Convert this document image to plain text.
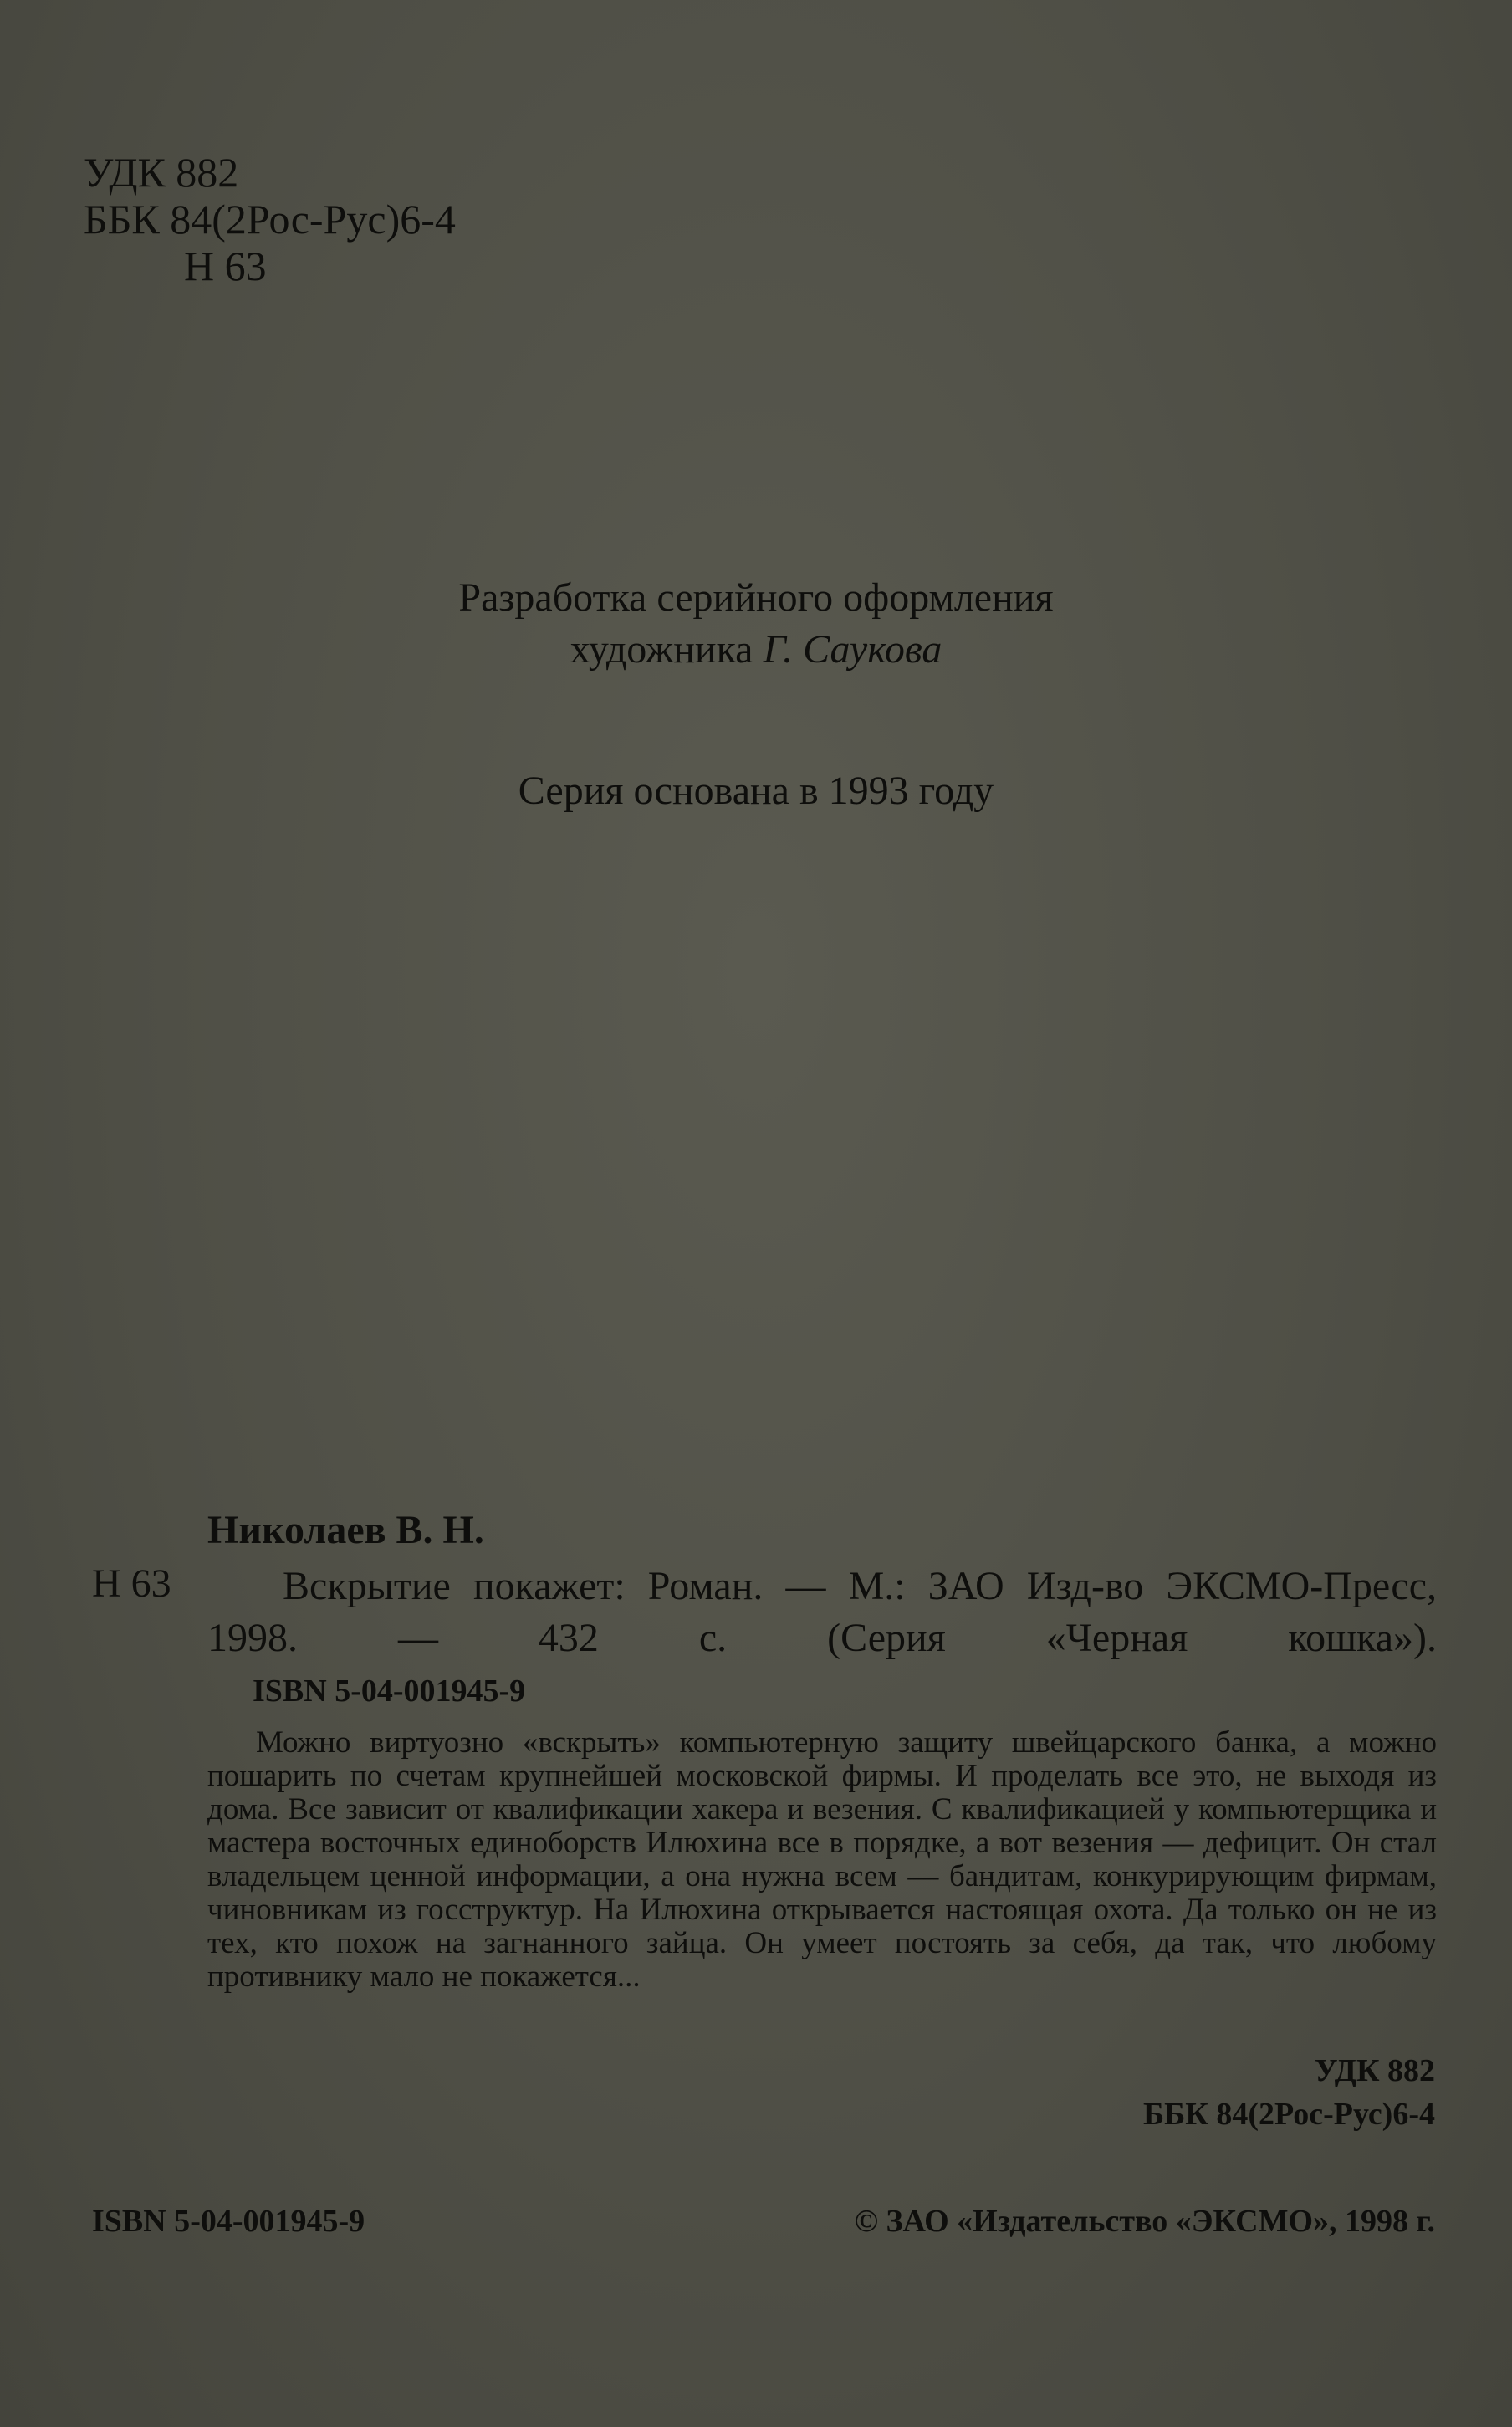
УДК 882
ББК 84(2Рос-Рус)6-4
Н 63
Разработка серийного оформления
художника Г. Саукова
Серия основана в 1993 году
Николаев В. Н.
Н 63	Вскрытие покажет: Роман. — М.: ЗАО Изд-во ЭКСМО-Пресс, 1998. — 432 с. (Серия «Черная кошка»).
ISBN 5-04-001945-9
Можно виртуозно «вскрыть» компьютерную защиту швейцарского банка, а можно пошарить по счетам крупнейшей московской фирмы. И проделать все это, не выходя из дома. Все зависит от квалификации хакера и везения. С квалификацией у компьютерщика и мастера восточных единоборств Илюхина все в порядке, а вот везения — дефицит. Он стал владельцем ценной информации, а она нужна всем — бандитам, конкурирующим фирмам, чиновникам из госструктур. На Илюхина открывается настоящая охота. Да только он не из тех, кто похож на загнанного зайца. Он умеет постоять за себя, да так, что любому противнику мало не покажется...
УДК 882
ББК 84(2Рос-Рус)6-4
ISBN 5-04-001945-9	© ЗАО «Издательство «ЭКСМО», 1998 г.
